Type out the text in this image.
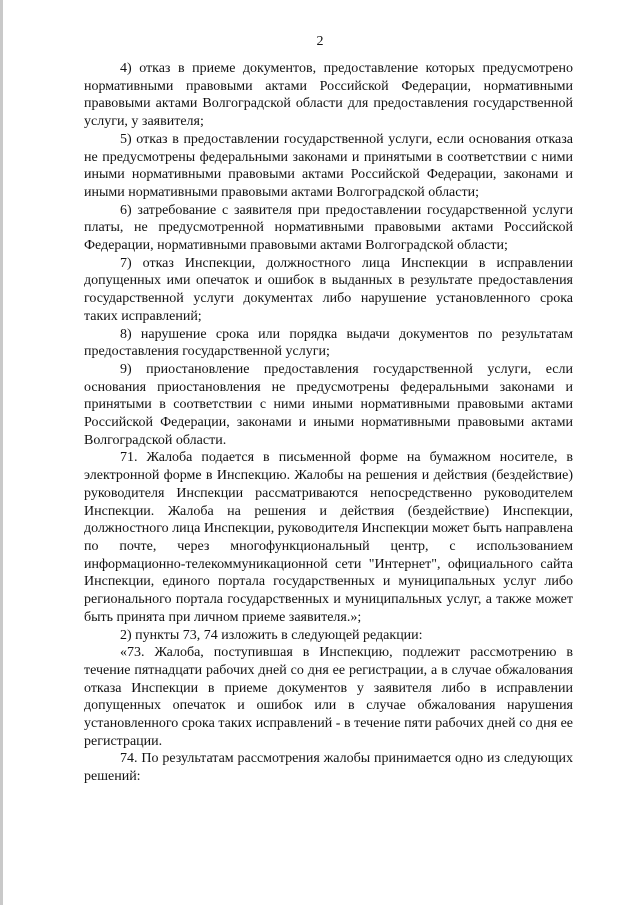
2

4) отказ в приеме документов, предоставление которых предусмотрено нормативными правовыми актами Российской Федерации, нормативными правовыми актами Волгоградской области для предоставления государственной услуги, у заявителя;

5) отказ в предоставлении государственной услуги, если основания отказа не предусмотрены федеральными законами и принятыми в соответствии с ними иными нормативными правовыми актами Российской Федерации, законами и иными нормативными правовыми актами Волгоградской области;

6) затребование с заявителя при предоставлении государственной услуги платы, не предусмотренной нормативными правовыми актами Российской Федерации, нормативными правовыми актами Волгоградской области;

7) отказ Инспекции, должностного лица Инспекции в исправлении допущенных ими опечаток и ошибок в выданных в результате предоставления государственной услуги документах либо нарушение установленного срока таких исправлений;

8) нарушение срока или порядка выдачи документов по результатам предоставления государственной услуги;

9) приостановление предоставления государственной услуги, если основания приостановления не предусмотрены федеральными законами и принятыми в соответствии с ними иными нормативными правовыми актами Российской Федерации, законами и иными нормативными правовыми актами Волгоградской области.

71. Жалоба подается в письменной форме на бумажном носителе, в электронной форме в Инспекцию. Жалобы на решения и действия (бездействие) руководителя Инспекции рассматриваются непосредственно руководителем Инспекции. Жалоба на решения и действия (бездействие) Инспекции, должностного лица Инспекции, руководителя Инспекции может быть направлена по почте, через многофункциональный центр, с использованием информационно-телекоммуникационной сети "Интернет", официального сайта Инспекции, единого портала государственных и муниципальных услуг либо регионального портала государственных и муниципальных услуг, а также может быть принята при личном приеме заявителя.»;

2) пункты 73, 74 изложить в следующей редакции:

«73. Жалоба, поступившая в Инспекцию, подлежит рассмотрению в течение пятнадцати рабочих дней со дня ее регистрации, а в случае обжалования отказа Инспекции в приеме документов у заявителя либо в исправлении допущенных опечаток и ошибок или в случае обжалования нарушения установленного срока таких исправлений - в течение пяти рабочих дней со дня ее регистрации.

74. По результатам рассмотрения жалобы принимается одно из следующих решений:
